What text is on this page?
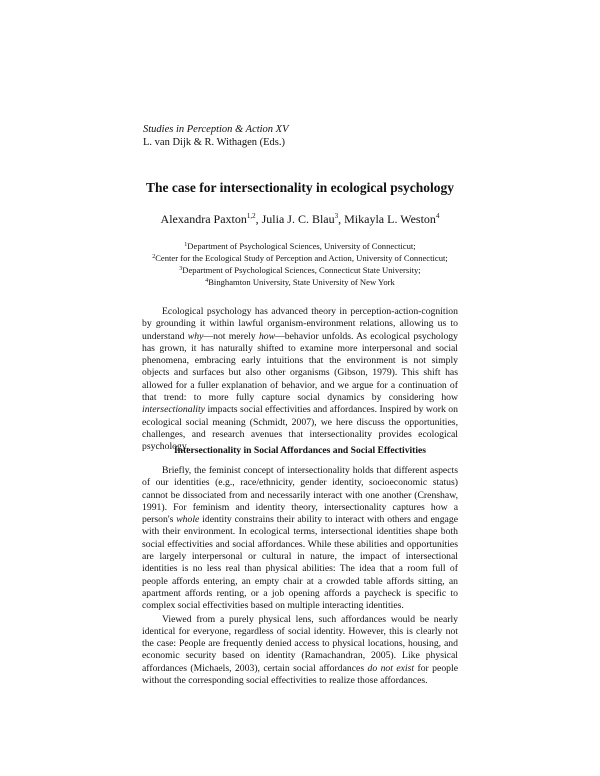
Studies in Perception & Action XV
L. van Dijk & R. Withagen (Eds.)
The case for intersectionality in ecological psychology
Alexandra Paxton$^{1,2}$, Julia J. C. Blau$^3$, Mikayla L. Weston$^4$
$^1$Department of Psychological Sciences, University of Connecticut;
$^2$Center for the Ecological Study of Perception and Action, University of Connecticut;
$^3$Department of Psychological Sciences, Connecticut State University;
$^4$Binghamton University, State University of New York

Ecological psychology has advanced theory in perception-action-cognition by grounding it within lawful organism-environment relations, allowing us to understand why—not merely how—behavior unfolds. As ecological psychology has grown, it has naturally shifted to examine more interpersonal and social phenomena, embracing early intuitions that the environment is not simply objects and surfaces but also other organisms (Gibson, 1979). This shift has allowed for a fuller explanation of behavior, and we argue for a continuation of that trend: to more fully capture social dynamics by considering how intersectionality impacts social effectivities and affordances. Inspired by work on ecological social meaning (Schmidt, 2007), we here discuss the opportunities, challenges, and research avenues that intersectionality provides ecological psychology.

Intersectionality in Social Affordances and Social Effectivities

Briefly, the feminist concept of intersectionality holds that different aspects of our identities (e.g., race/ethnicity, gender identity, socioeconomic status) cannot be dissociated from and necessarily interact with one another (Crenshaw, 1991). For feminism and identity theory, intersectionality captures how a person's whole identity constrains their ability to interact with others and engage with their environment. In ecological terms, intersectional identities shape both social effectivities and social affordances. While these abilities and opportunities are largely interpersonal or cultural in nature, the impact of intersectional identities is no less real than physical abilities: The idea that a room full of people affords entering, an empty chair at a crowded table affords sitting, an apartment affords renting, or a job opening affords a paycheck is specific to complex social effectivities based on multiple interacting identities.

Viewed from a purely physical lens, such affordances would be nearly identical for everyone, regardless of social identity. However, this is clearly not the case: People are frequently denied access to physical locations, housing, and economic security based on identity (Ramachandran, 2005). Like physical affordances (Michaels, 2003), certain social affordances do not exist for people without the corresponding social effectivities to realize those affordances.
